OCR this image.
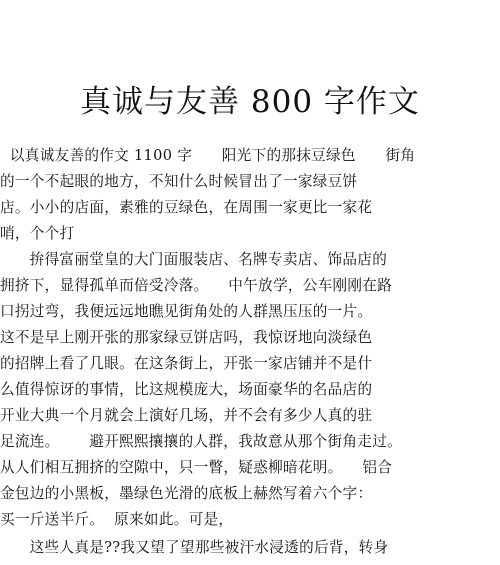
真诚与友善 800 字作文
以真诚友善的作文 1100 字      阳光下的那抹豆绿色      街角
的一个不起眼的地方，不知什么时候冒出了一家绿豆饼
店。小小的店面，素雅的豆绿色，在周围一家更比一家花
哨，个个打
拚得富丽堂皇的大门面服装店、名牌专卖店、饰品店的
拥挤下，显得孤单而倍受冷落。    中午放学，公车刚刚在路
口拐过弯，我便远远地瞧见街角处的人群黑压压的一片。
这不是早上刚开张的那家绿豆饼店吗，我惊讶地向淡绿色
的招牌上看了几眼。在这条街上，开张一家店铺并不是什
么值得惊讶的事情，比这规模庞大，场面豪华的名品店的
开业大典一个月就会上演好几场，并不会有多少人真的驻
足流连。      避开熙熙攘攘的人群，我故意从那个街角走过。
从人们相互拥挤的空隙中，只一瞥，疑惑柳暗花明。    铝合
金包边的小黑板，墨绿色光滑的底板上赫然写着六个字：
买一斤送半斤。  原来如此。可是，
这些人真是??我又望了望那些被汗水浸透的后背，转身
